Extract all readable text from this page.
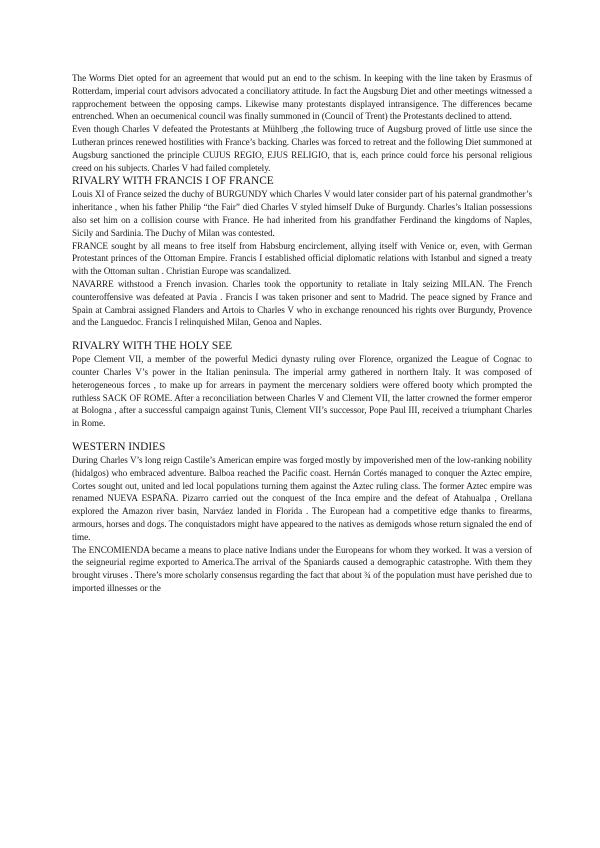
The Worms Diet opted for an agreement that would put an end to the schism. In keeping with the line taken by Erasmus of Rotterdam, imperial court advisors advocated a conciliatory attitude. In fact the Augsburg Diet and other meetings witnessed a rapprochement between the opposing camps. Likewise many protestants displayed intransigence. The differences became entrenched. When an oecumenical council was finally summoned in (Council of Trent) the Protestants declined to attend.

Even though Charles V defeated the Protestants at Mühlberg ,the following truce of Augsburg proved of little use since the Lutheran princes renewed hostilities with France’s backing. Charles was forced to retreat and the following Diet summoned at Augsburg sanctioned the principle CUJUS REGIO, EJUS RELIGIO, that is, each prince could force his personal religious creed on his subjects. Charles V had failed completely.

RIVALRY WITH FRANCIS I OF FRANCE

Louis XI of France seized the duchy of BURGUNDY which Charles V would later consider part of his paternal grandmother’s inheritance , when his father Philip “the Fair” died Charles V styled himself Duke of Burgundy. Charles’s Italian possessions also set him on a collision course with France. He had inherited from his grandfather Ferdinand the kingdoms of Naples, Sicily and Sardinia. The Duchy of Milan was contested.

FRANCE sought by all means to free itself from Habsburg encirclement, allying itself with Venice or, even, with German Protestant princes of the Ottoman Empire. Francis I established official diplomatic relations with Istanbul and signed a treaty with the Ottoman sultan . Christian Europe was scandalized.

NAVARRE withstood a French invasion. Charles took the opportunity to retaliate in Italy seizing MILAN. The French counteroffensive was defeated at Pavia . Francis I was taken prisoner and sent to Madrid. The peace signed by France and Spain at Cambrai assigned Flanders and Artois to Charles V who in exchange renounced his rights over Burgundy, Provence and the Languedoc. Francis I relinquished Milan, Genoa and Naples.

RIVALRY WITH THE HOLY SEE

Pope Clement VII, a member of the powerful Medici dynasty ruling over Florence, organized the League of Cognac to counter Charles V’s power in the Italian peninsula. The imperial army gathered in northern Italy. It was composed of heterogeneous forces , to make up for arrears in payment the mercenary soldiers were offered booty which prompted the ruthless SACK OF ROME. After a reconciliation between Charles V and Clement VII, the latter crowned the former emperor at Bologna , after a successful campaign against Tunis, Clement VII’s successor, Pope Paul III, received a triumphant Charles in Rome.

WESTERN INDIES

During Charles V’s long reign Castile’s American empire was forged mostly by impoverished men of the low-ranking nobility (hidalgos) who embraced adventure. Balboa reached the Pacific coast. Hernán Cortés managed to conquer the Aztec empire, Cortes sought out, united and led local populations turning them against the Aztec ruling class. The former Aztec empire was renamed NUEVA ESPAÑA. Pizarro carried out the conquest of the Inca empire and the defeat of Atahualpa , Orellana explored the Amazon river basin, Narváez landed in Florida . The European had a competitive edge thanks to firearms, armours, horses and dogs. The conquistadors might have appeared to the natives as demigods whose return signaled the end of time.

The ENCOMIENDA became a means to place native Indians under the Europeans for whom they worked. It was a version of the seigneurial regime exported to America.The arrival of the Spaniards caused a demographic catastrophe. With them they brought viruses . There’s more scholarly consensus regarding the fact that about ¾ of the population must have perished due to imported illnesses or the
